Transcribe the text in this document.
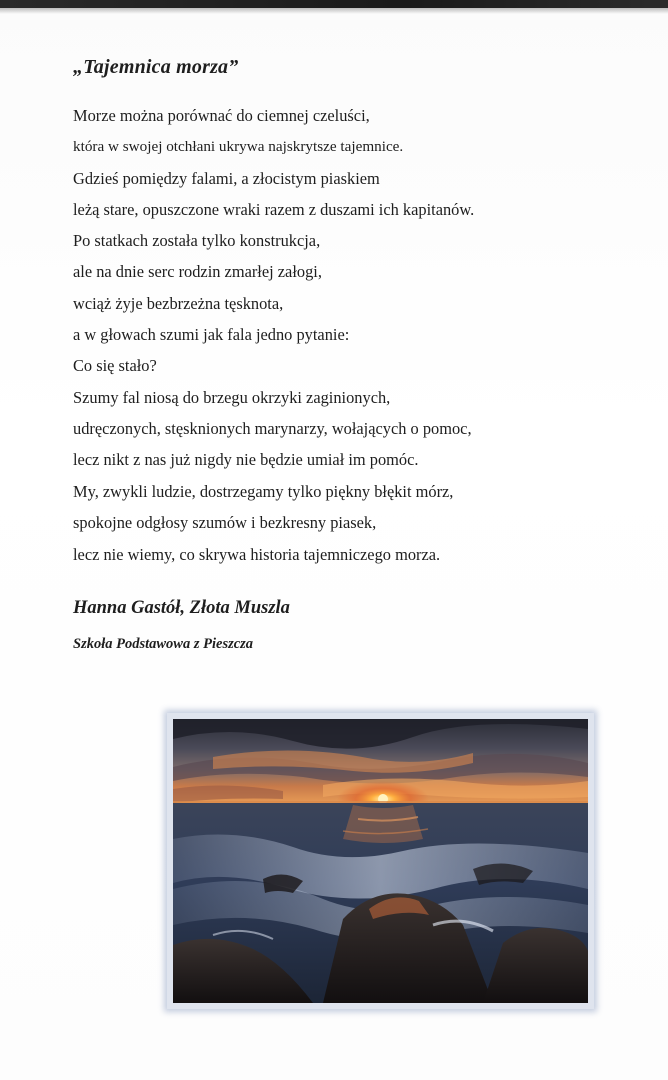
„Tajemnica morza”
Morze można porównać do ciemnej czeluści,
która w swojej otchłani ukrywa najskrytsze tajemnice.
Gdzieś pomiędzy falami, a złocistym piaskiem
leżą stare, opuszczone wraki razem z duszami ich kapitanów.
Po statkach została tylko konstrukcja,
ale na dnie serc rodzin zmarłej załogi,
wciąż żyje bezbrzeżna tęsknota,
a w głowach szumi jak fala jedno pytanie:
Co się stało?
Szumy fal niosą do brzegu okrzyki zaginionych,
udręczonych, stęsknionych marynarzy, wołających o pomoc,
lecz nikt z nas już nigdy nie będzie umiał im pomóc.
My, zwykli ludzie, dostrzegamy tylko piękny błękit mórz,
spokojne odgłosy szumów i bezkresny piasek,
lecz nie wiemy, co skrywa historia tajemniczego morza.
Hanna Gastół, Złota Muszla
Szkoła Podstawowa z Pieszcza
